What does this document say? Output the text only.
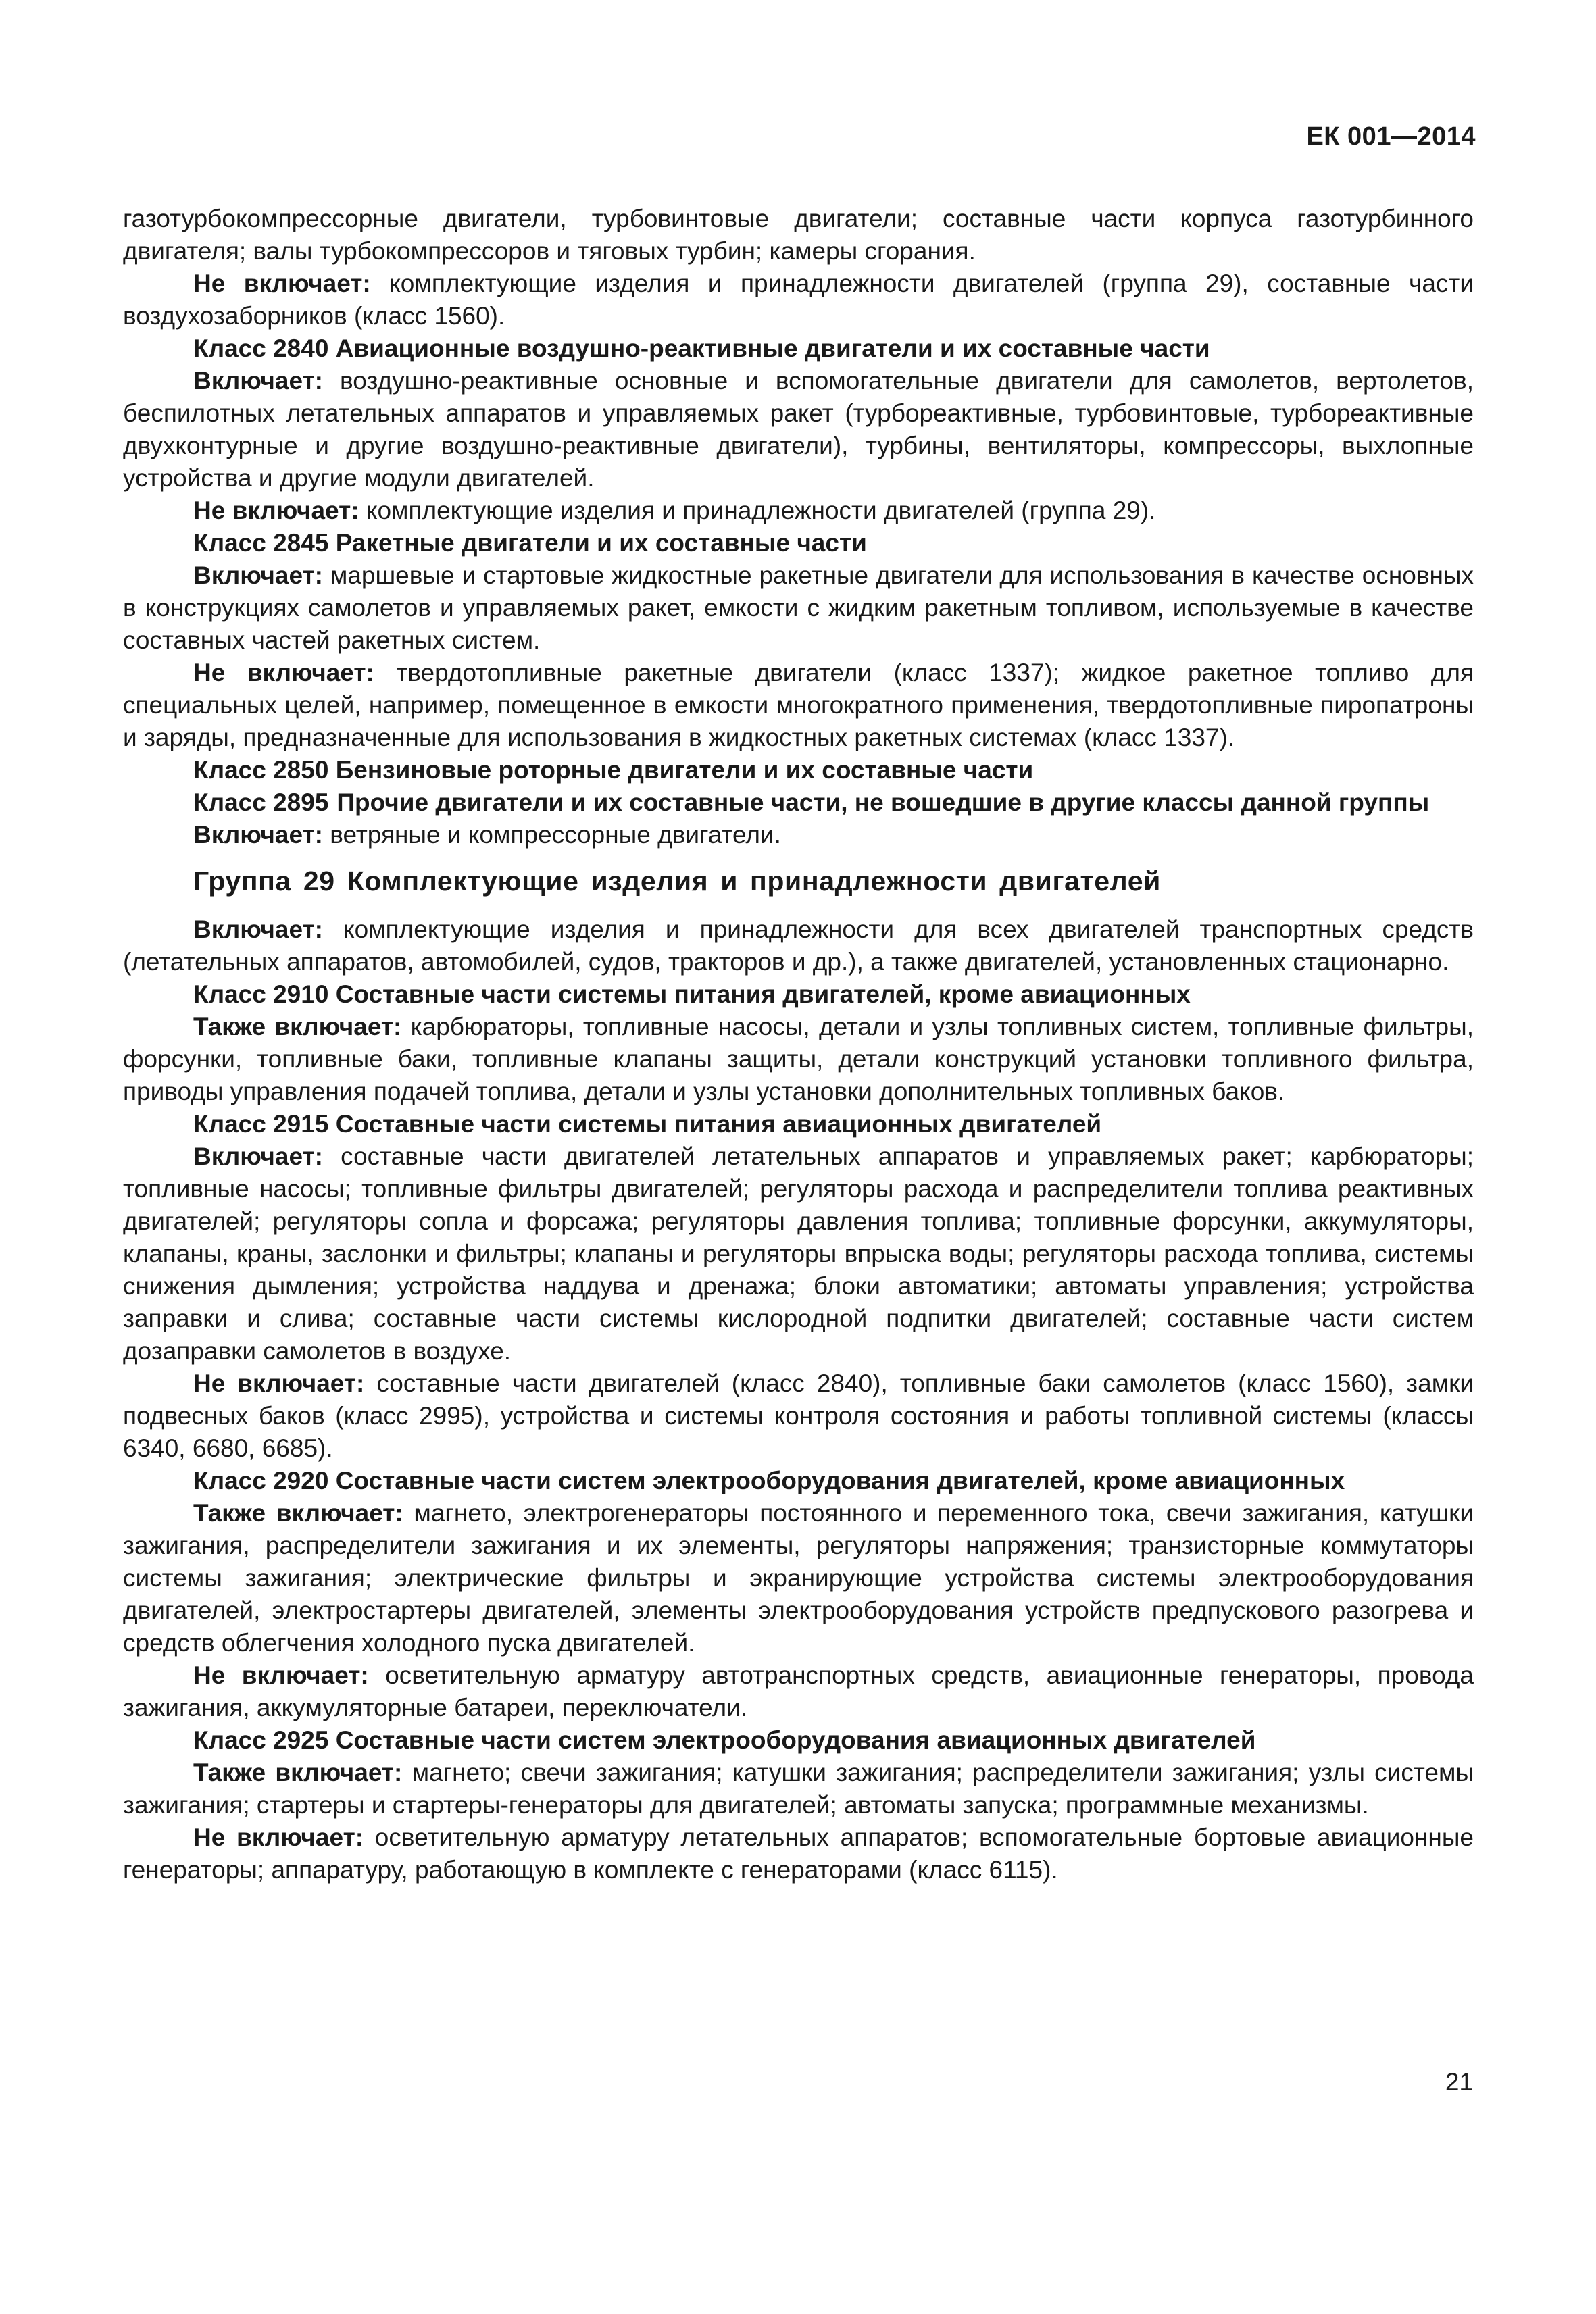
ЕК 001—2014

газотурбокомпрессорные двигатели, турбовинтовые двигатели; составные части корпуса газотурбинного двигателя; валы турбокомпрессоров и тяговых турбин; камеры сгорания.

Не включает: комплектующие изделия и принадлежности двигателей (группа 29), составные части воздухозаборников (класс 1560).

Класс 2840 Авиационные воздушно-реактивные двигатели и их составные части

Включает: воздушно-реактивные основные и вспомогательные двигатели для самолетов, вертолетов, беспилотных летательных аппаратов и управляемых ракет (турбореактивные, турбовинтовые, турбореактивные двухконтурные и другие воздушно-реактивные двигатели), турбины, вентиляторы, компрессоры, выхлопные устройства и другие модули двигателей.

Не включает: комплектующие изделия и принадлежности двигателей (группа 29).

Класс 2845 Ракетные двигатели и их составные части

Включает: маршевые и стартовые жидкостные ракетные двигатели для использования в качестве основных в конструкциях самолетов и управляемых ракет, емкости с жидким ракетным топливом, используемые в качестве составных частей ракетных систем.

Не включает: твердотопливные ракетные двигатели (класс 1337); жидкое ракетное топливо для специальных целей, например, помещенное в емкости многократного применения, твердотопливные пиропатроны и заряды, предназначенные для использования в жидкостных ракетных системах (класс 1337).

Класс 2850 Бензиновые роторные двигатели и их составные части
Класс 2895 Прочие двигатели и их составные части, не вошедшие в другие классы данной группы

Включает: ветряные и компрессорные двигатели.

Группа 29 Комплектующие изделия и принадлежности двигателей

Включает: комплектующие изделия и принадлежности для всех двигателей транспортных средств (летательных аппаратов, автомобилей, судов, тракторов и др.), а также двигателей, установленных стационарно.

Класс 2910 Составные части системы питания двигателей, кроме авиационных

Также включает: карбюраторы, топливные насосы, детали и узлы топливных систем, топливные фильтры, форсунки, топливные баки, топливные клапаны защиты, детали конструкций установки топливного фильтра, приводы управления подачей топлива, детали и узлы установки дополнительных топливных баков.

Класс 2915 Составные части системы питания авиационных двигателей

Включает: составные части двигателей летательных аппаратов и управляемых ракет; карбюраторы; топливные насосы; топливные фильтры двигателей; регуляторы расхода и распределители топлива реактивных двигателей; регуляторы сопла и форсажа; регуляторы давления топлива; топливные форсунки, аккумуляторы, клапаны, краны, заслонки и фильтры; клапаны и регуляторы впрыска воды; регуляторы расхода топлива, системы снижения дымления; устройства наддува и дренажа; блоки автоматики; автоматы управления; устройства заправки и слива; составные части системы кислородной подпитки двигателей; составные части систем дозаправки самолетов в воздухе.

Не включает: составные части двигателей (класс 2840), топливные баки самолетов (класс 1560), замки подвесных баков (класс 2995), устройства и системы контроля состояния и работы топливной системы (классы 6340, 6680, 6685).

Класс 2920 Составные части систем электрооборудования двигателей, кроме авиационных

Также включает: магнето, электрогенераторы постоянного и переменного тока, свечи зажигания, катушки зажигания, распределители зажигания и их элементы, регуляторы напряжения; транзисторные коммутаторы системы зажигания; электрические фильтры и экранирующие устройства системы электрооборудования двигателей, электростартеры двигателей, элементы электрооборудования устройств предпускового разогрева и средств облегчения холодного пуска двигателей.

Не включает: осветительную арматуру автотранспортных средств, авиационные генераторы, провода зажигания, аккумуляторные батареи, переключатели.

Класс 2925 Составные части систем электрооборудования авиационных двигателей

Также включает: магнето; свечи зажигания; катушки зажигания; распределители зажигания; узлы системы зажигания; стартеры и стартеры-генераторы для двигателей; автоматы запуска; программные механизмы.

Не включает: осветительную арматуру летательных аппаратов; вспомогательные бортовые авиационные генераторы; аппаратуру, работающую в комплекте с генераторами (класс 6115).

21
